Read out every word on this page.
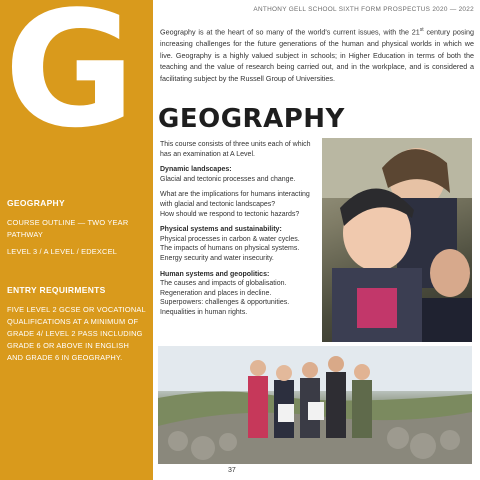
G
GEOGRAPHY

COURSE OUTLINE — TWO YEAR PATHWAY

LEVEL 3 / A LEVEL / EDEXCEL

ENTRY REQUIRMENTS
FIVE LEVEL 2 GCSE OR VOCATIONAL QUALIFICATIONS AT A MINIMUM OF GRADE 4/ LEVEL 2 PASS INCLUDING GRADE 6 OR ABOVE IN ENGLISH AND GRADE 6 IN GEOGRAPHY.
ANTHONY GELL SCHOOL SIXTH FORM PROSPECTUS 2020 — 2022
Geography is at the heart of so many of the world's current issues, with the 21st century posing increasing challenges for the future generations of the human and physical worlds in which we live. Geography is a highly valued subject in schools; in Higher Education in terms of both the teaching and the value of research being carried out, and in the workplace, and is considered a facilitating subject by the Russell Group of Universities.
GEOGRAPHY
This course consists of three units each of which has an examination at A Level.
Dynamic landscapes:
Glacial and tectonic processes and change.
What are the implications for humans interacting with glacial and tectonic landscapes?
How should we respond to tectonic hazards?
Physical systems and sustainability:
Physical processes in carbon & water cycles.
The impacts of humans on physical systems.
Energy security and water insecurity.
Human systems and geopolitics:
The causes and impacts of globalisation.
Regeneration and places in decline.
Superpowers: challenges & opportunities.
Inequalities in human rights.
37
